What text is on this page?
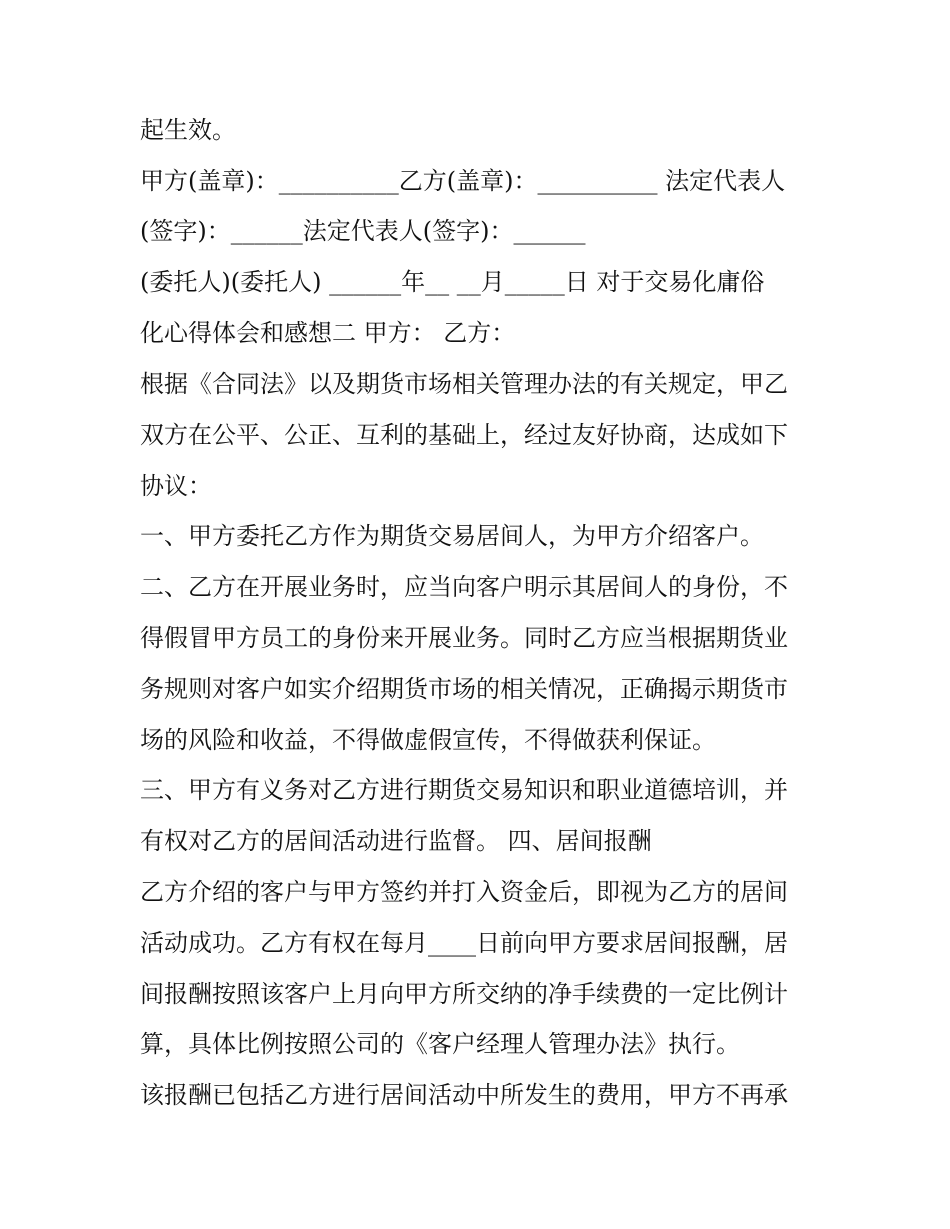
起生效。

甲方(盖章)：__________乙方(盖章)：__________ 法定代表人

(签字)：______法定代表人(签字)：______

(委托人)(委托人) ______年__ __月_____日 对于交易化庸俗

化心得体会和感想二 甲方： 乙方：

根据《合同法》以及期货市场相关管理办法的有关规定，甲乙

双方在公平、公正、互利的基础上，经过友好协商，达成如下

协议：

一、甲方委托乙方作为期货交易居间人，为甲方介绍客户。

二、乙方在开展业务时，应当向客户明示其居间人的身份，不

得假冒甲方员工的身份来开展业务。同时乙方应当根据期货业

务规则对客户如实介绍期货市场的相关情况，正确揭示期货市

场的风险和收益，不得做虚假宣传，不得做获利保证。

三、甲方有义务对乙方进行期货交易知识和职业道德培训，并

有权对乙方的居间活动进行监督。 四、居间报酬

乙方介绍的客户与甲方签约并打入资金后，即视为乙方的居间

活动成功。乙方有权在每月____日前向甲方要求居间报酬，居

间报酬按照该客户上月向甲方所交纳的净手续费的一定比例计

算，具体比例按照公司的《客户经理人管理办法》执行。

该报酬已包括乙方进行居间活动中所发生的费用，甲方不再承
